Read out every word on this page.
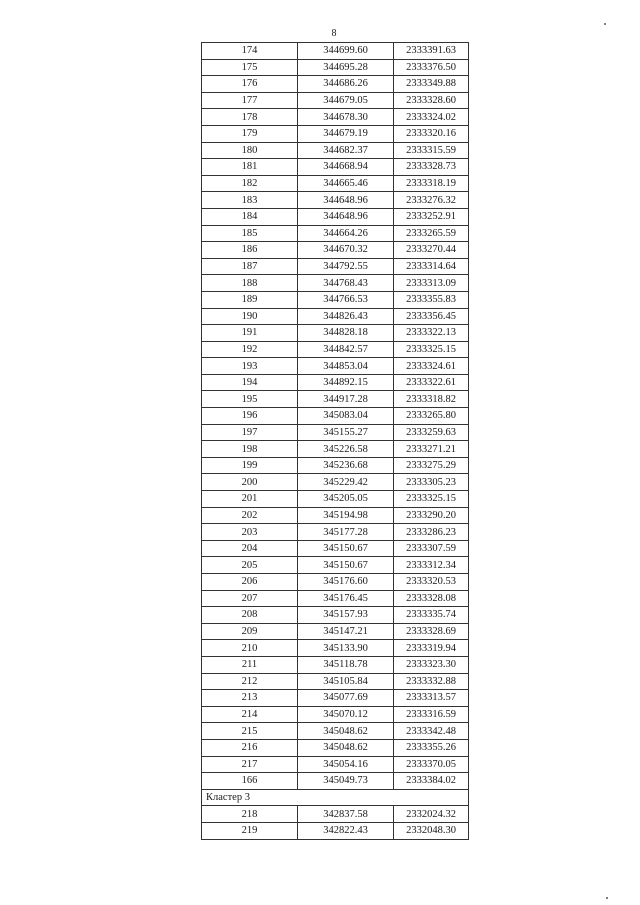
8
174	344699.60	2333391.63
175	344695.28	2333376.50
176	344686.26	2333349.88
177	344679.05	2333328.60
178	344678.30	2333324.02
179	344679.19	2333320.16
180	344682.37	2333315.59
181	344668.94	2333328.73
182	344665.46	2333318.19
183	344648.96	2333276.32
184	344648.96	2333252.91
185	344664.26	2333265.59
186	344670.32	2333270.44
187	344792.55	2333314.64
188	344768.43	2333313.09
189	344766.53	2333355.83
190	344826.43	2333356.45
191	344828.18	2333322.13
192	344842.57	2333325.15
193	344853.04	2333324.61
194	344892.15	2333322.61
195	344917.28	2333318.82
196	345083.04	2333265.80
197	345155.27	2333259.63
198	345226.58	2333271.21
199	345236.68	2333275.29
200	345229.42	2333305.23
201	345205.05	2333325.15
202	345194.98	2333290.20
203	345177.28	2333286.23
204	345150.67	2333307.59
205	345150.67	2333312.34
206	345176.60	2333320.53
207	345176.45	2333328.08
208	345157.93	2333335.74
209	345147.21	2333328.69
210	345133.90	2333319.94
211	345118.78	2333323.30
212	345105.84	2333332.88
213	345077.69	2333313.57
214	345070.12	2333316.59
215	345048.62	2333342.48
216	345048.62	2333355.26
217	345054.16	2333370.05
166	345049.73	2333384.02
Кластер 3		
218	342837.58	2332024.32
219	342822.43	2332048.30
